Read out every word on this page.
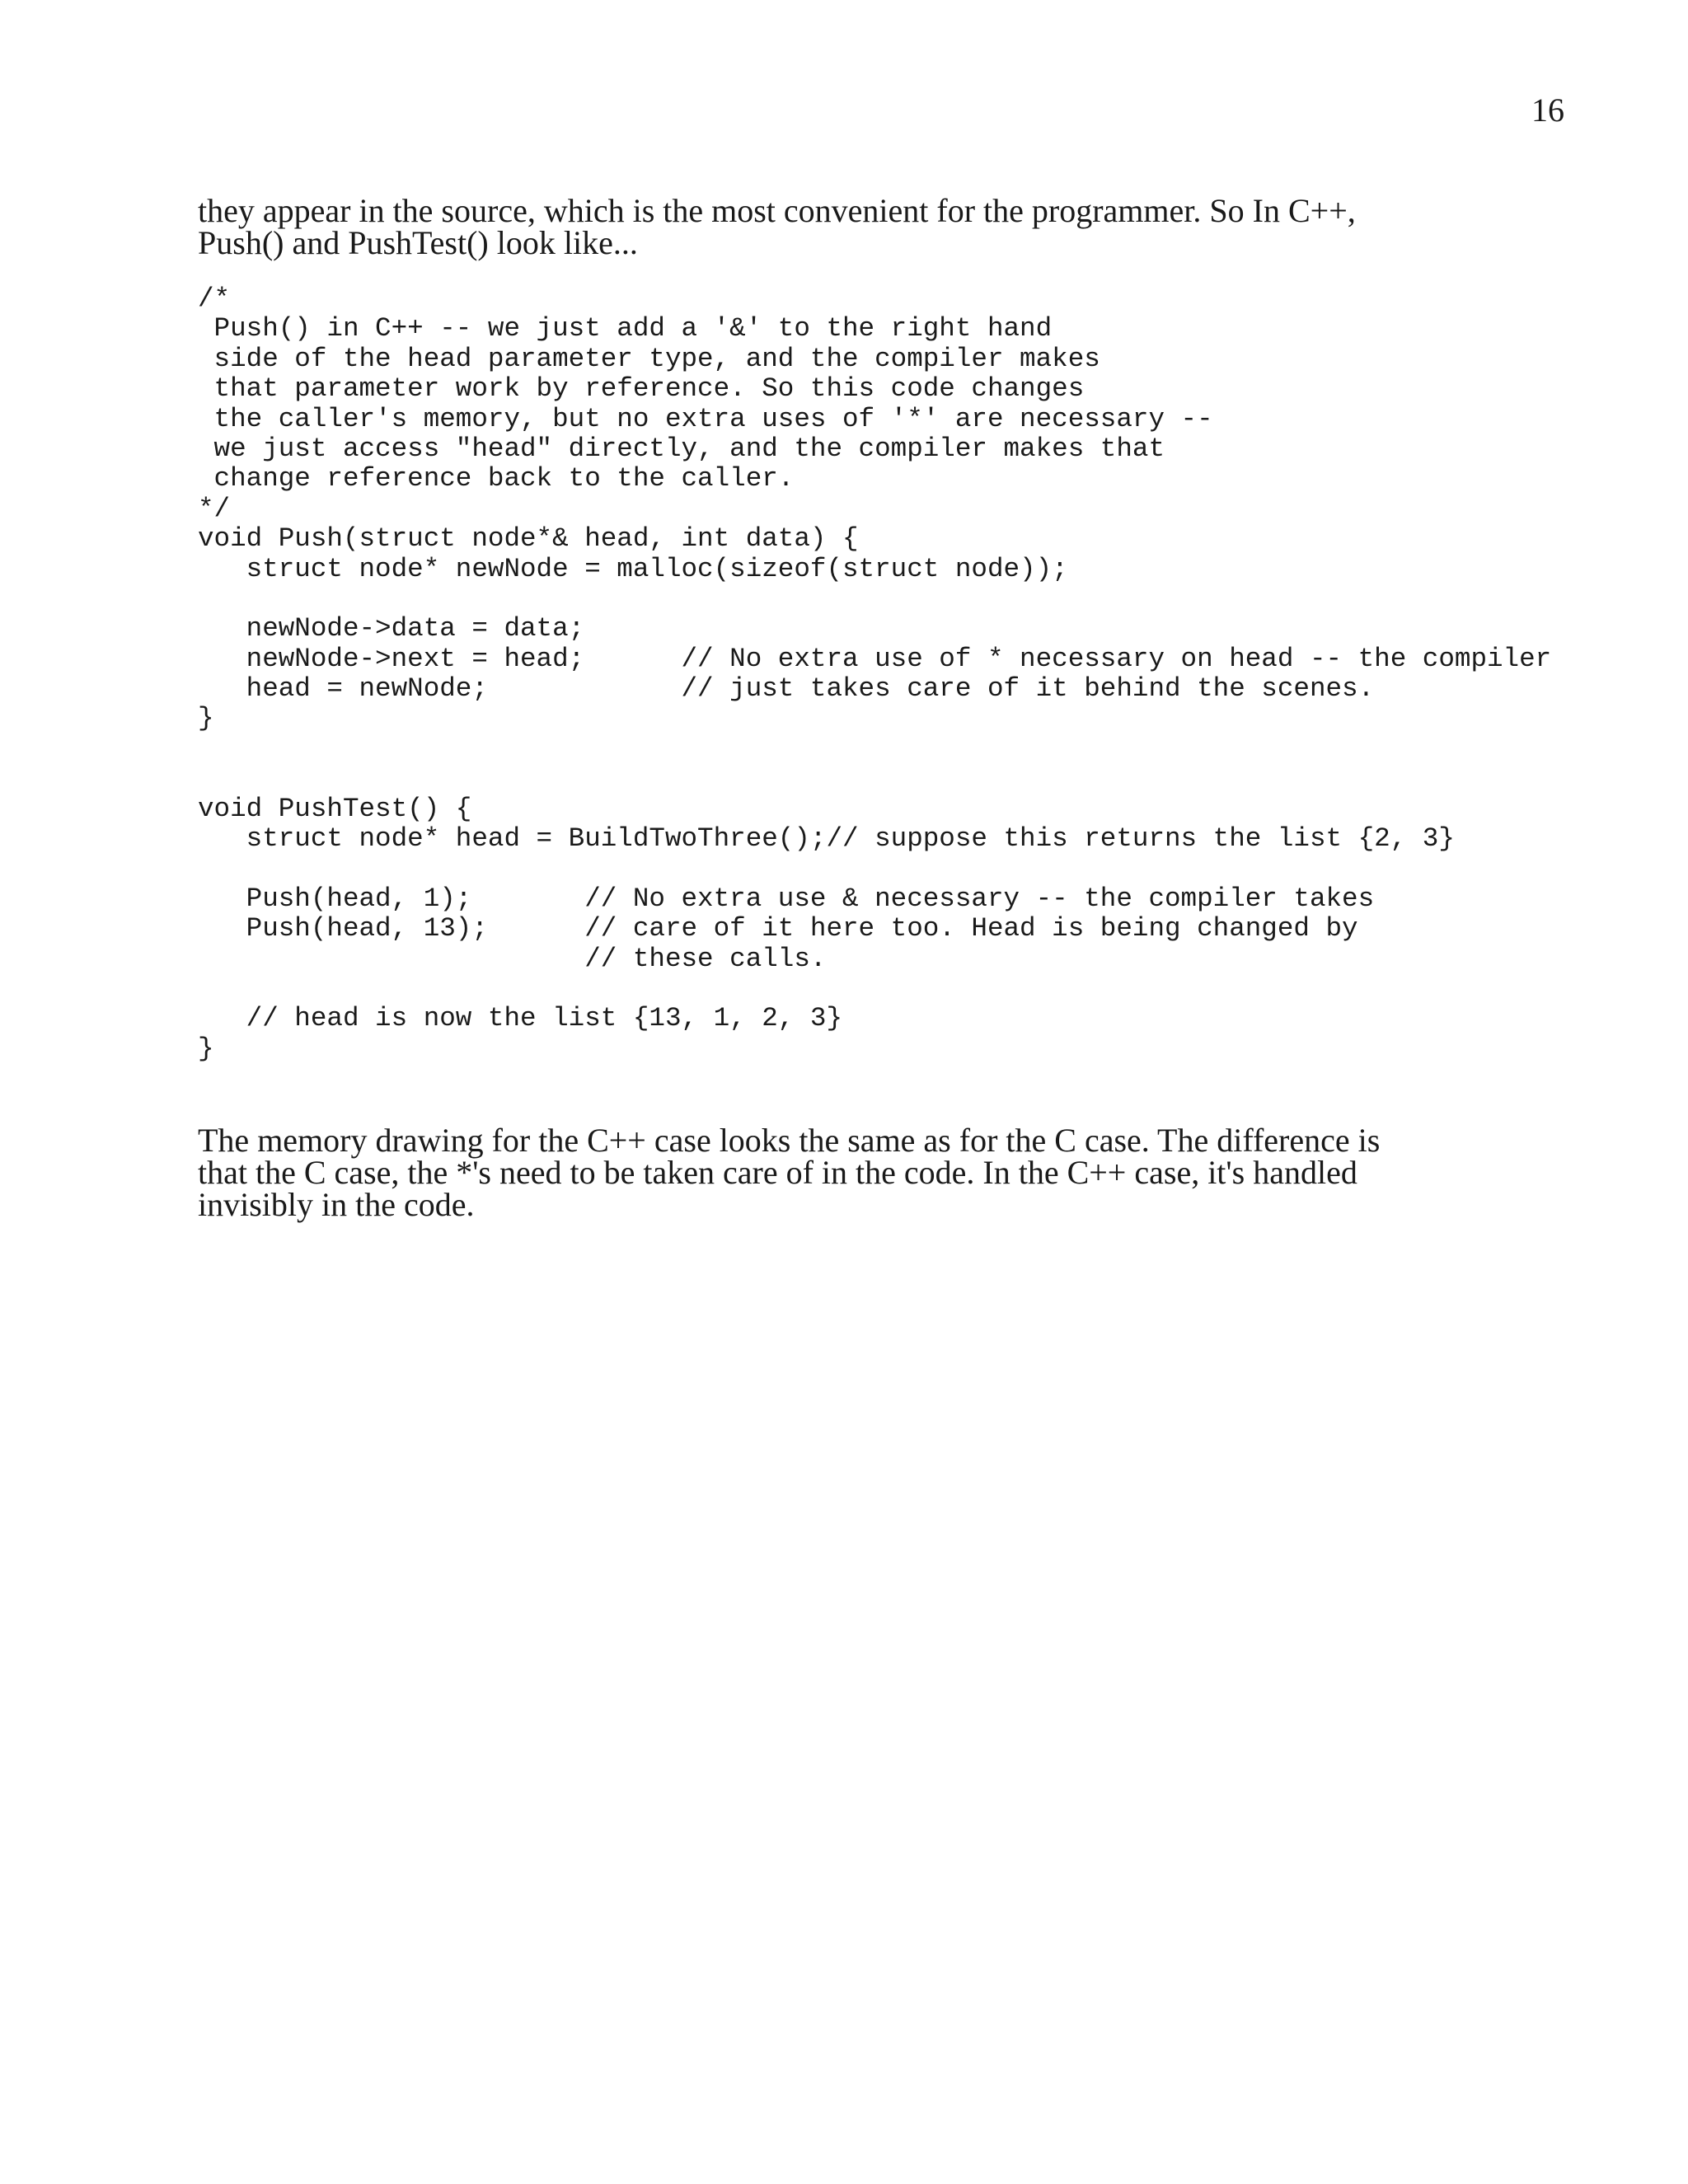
16

they appear in the source, which is the most convenient for the programmer. So In C++,
Push() and PushTest() look like...

/*
Push() in C++ -- we just add a '&' to the right hand
side of the head parameter type, and the compiler makes
that parameter work by reference. So this code changes
the caller's memory, but no extra uses of '*' are necessary --
we just access "head" directly, and the compiler makes that
change reference back to the caller.
*/
void Push(struct node*& head, int data) {
struct node* newNode = malloc(sizeof(struct node));
newNode->data = data;
newNode->next = head;      // No extra use of * necessary on head -- the compiler
head = newNode;            // just takes care of it behind the scenes.
}
void PushTest() {
struct node* head = BuildTwoThree();// suppose this returns the list {2, 3}
Push(head, 1);       // No extra use & necessary -- the compiler takes
Push(head, 13);      // care of it here too. Head is being changed by
// these calls.
// head is now the list {13, 1, 2, 3}
}

The memory drawing for the C++ case looks the same as for the C case. The difference is
that the C case, the *'s need to be taken care of in the code. In the C++ case, it's handled
invisibly in the code.
